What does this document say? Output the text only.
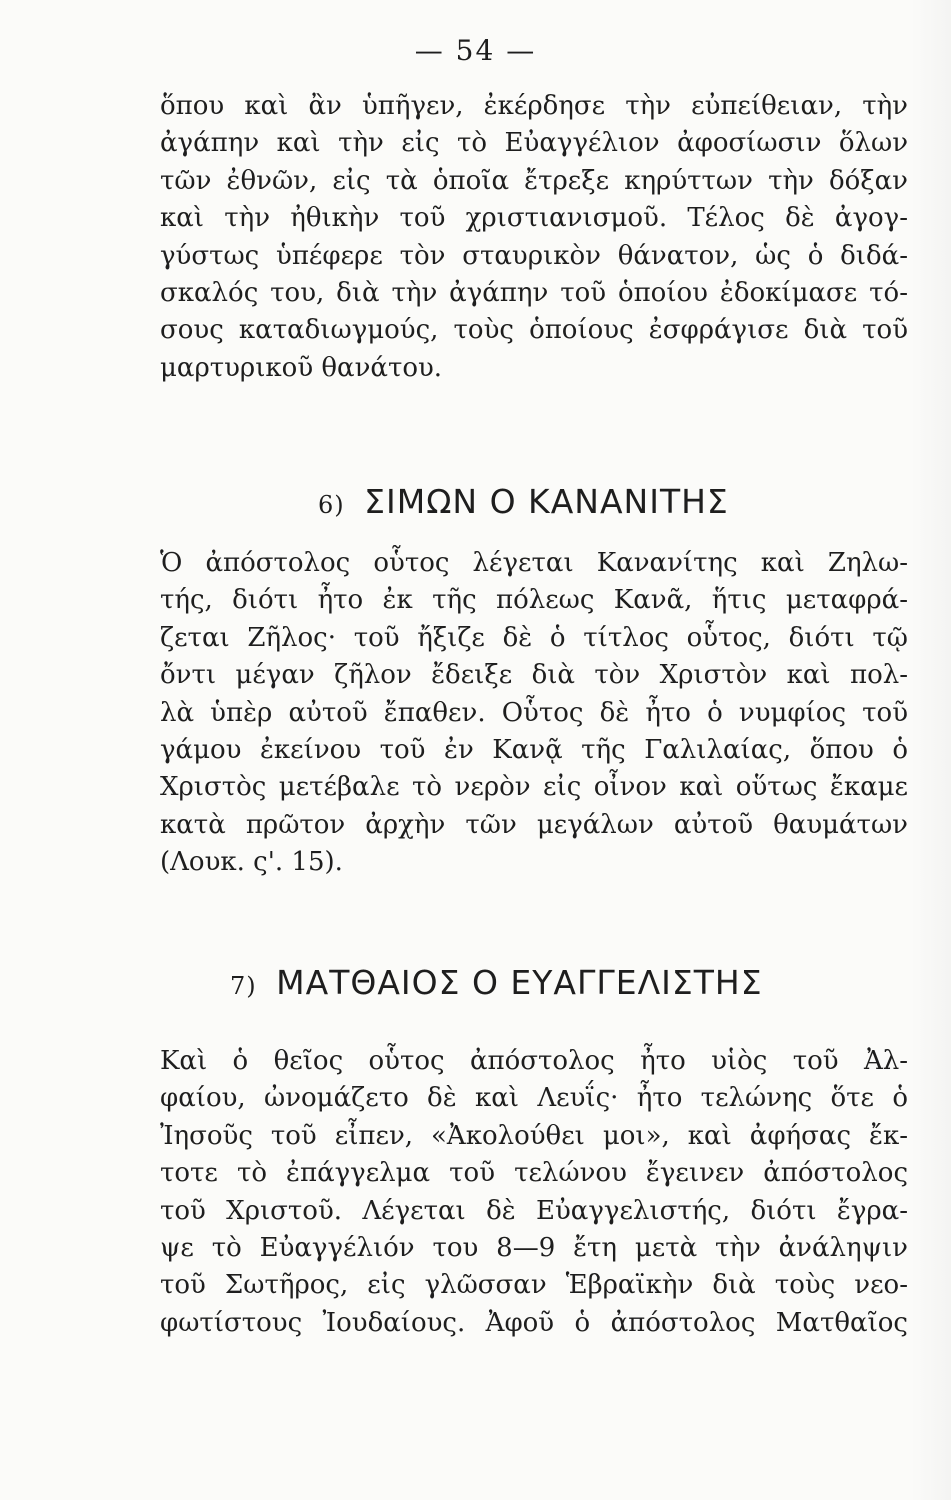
— 54 —
ὅπου καὶ ἂν ὑπῆγεν, ἐκέρδησε τὴν εὐπείθειαν, τὴν
ἀγάπην καὶ τὴν εἰς τὸ Εὐαγγέλιον ἀφοσίωσιν ὅλων
τῶν ἐθνῶν, εἰς τὰ ὁποῖα ἔτρεξε κηρύττων τὴν δόξαν
καὶ τὴν ἠθικὴν τοῦ χριστιανισμοῦ. Τέλος δὲ ἀγογ-
γύστως ὑπέφερε τὸν σταυρικὸν θάνατον, ὡς ὁ διδά-
σκαλός του, διὰ τὴν ἀγάπην τοῦ ὁποίου ἐδοκίμασε τό-
σους καταδιωγμούς, τοὺς ὁποίους ἐσφράγισε διὰ τοῦ
μαρτυρικοῦ θανάτου.
6) ΣΙΜΩΝ Ο ΚΑΝΑΝΙΤΗΣ
Ὁ ἀπόστολος οὗτος λέγεται Κανανίτης καὶ Ζηλω-
τής, διότι ἦτο ἐκ τῆς πόλεως Κανᾶ, ἥτις μεταφρά-
ζεται Ζῆλος· τοῦ ἤξιζε δὲ ὁ τίτλος οὗτος, διότι τῷ
ὄντι μέγαν ζῆλον ἔδειξε διὰ τὸν Χριστὸν καὶ πολ-
λὰ ὑπὲρ αὐτοῦ ἔπαθεν. Οὗτος δὲ ἦτο ὁ νυμφίος τοῦ
γάμου ἐκείνου τοῦ ἐν Κανᾷ τῆς Γαλιλαίας, ὅπου ὁ
Χριστὸς μετέβαλε τὸ νερὸν εἰς οἶνον καὶ οὕτως ἔκαμε
κατὰ πρῶτον ἀρχὴν τῶν μεγάλων αὐτοῦ θαυμάτων
(Λουκ. ς'. 15).
7) ΜΑΤΘΑΙΟΣ Ο ΕΥΑΓΓΕΛΙΣΤΗΣ
Καὶ ὁ θεῖος οὗτος ἀπόστολος ἦτο υἱὸς τοῦ Ἀλ-
φαίου, ὠνομάζετο δὲ καὶ Λευΐς· ἦτο τελώνης ὅτε ὁ
Ἰησοῦς τοῦ εἶπεν, «Ἀκολούθει μοι», καὶ ἀφήσας ἔκ-
τοτε τὸ ἐπάγγελμα τοῦ τελώνου ἔγεινεν ἀπόστολος
τοῦ Χριστοῦ. Λέγεται δὲ Εὐαγγελιστής, διότι ἔγρα-
ψε τὸ Εὐαγγέλιόν του 8—9 ἔτη μετὰ τὴν ἀνάληψιν
τοῦ Σωτῆρος, εἰς γλῶσσαν Ἑβραϊκὴν διὰ τοὺς νεο-
φωτίστους Ἰουδαίους. Ἀφοῦ ὁ ἀπόστολος Ματθαῖος
